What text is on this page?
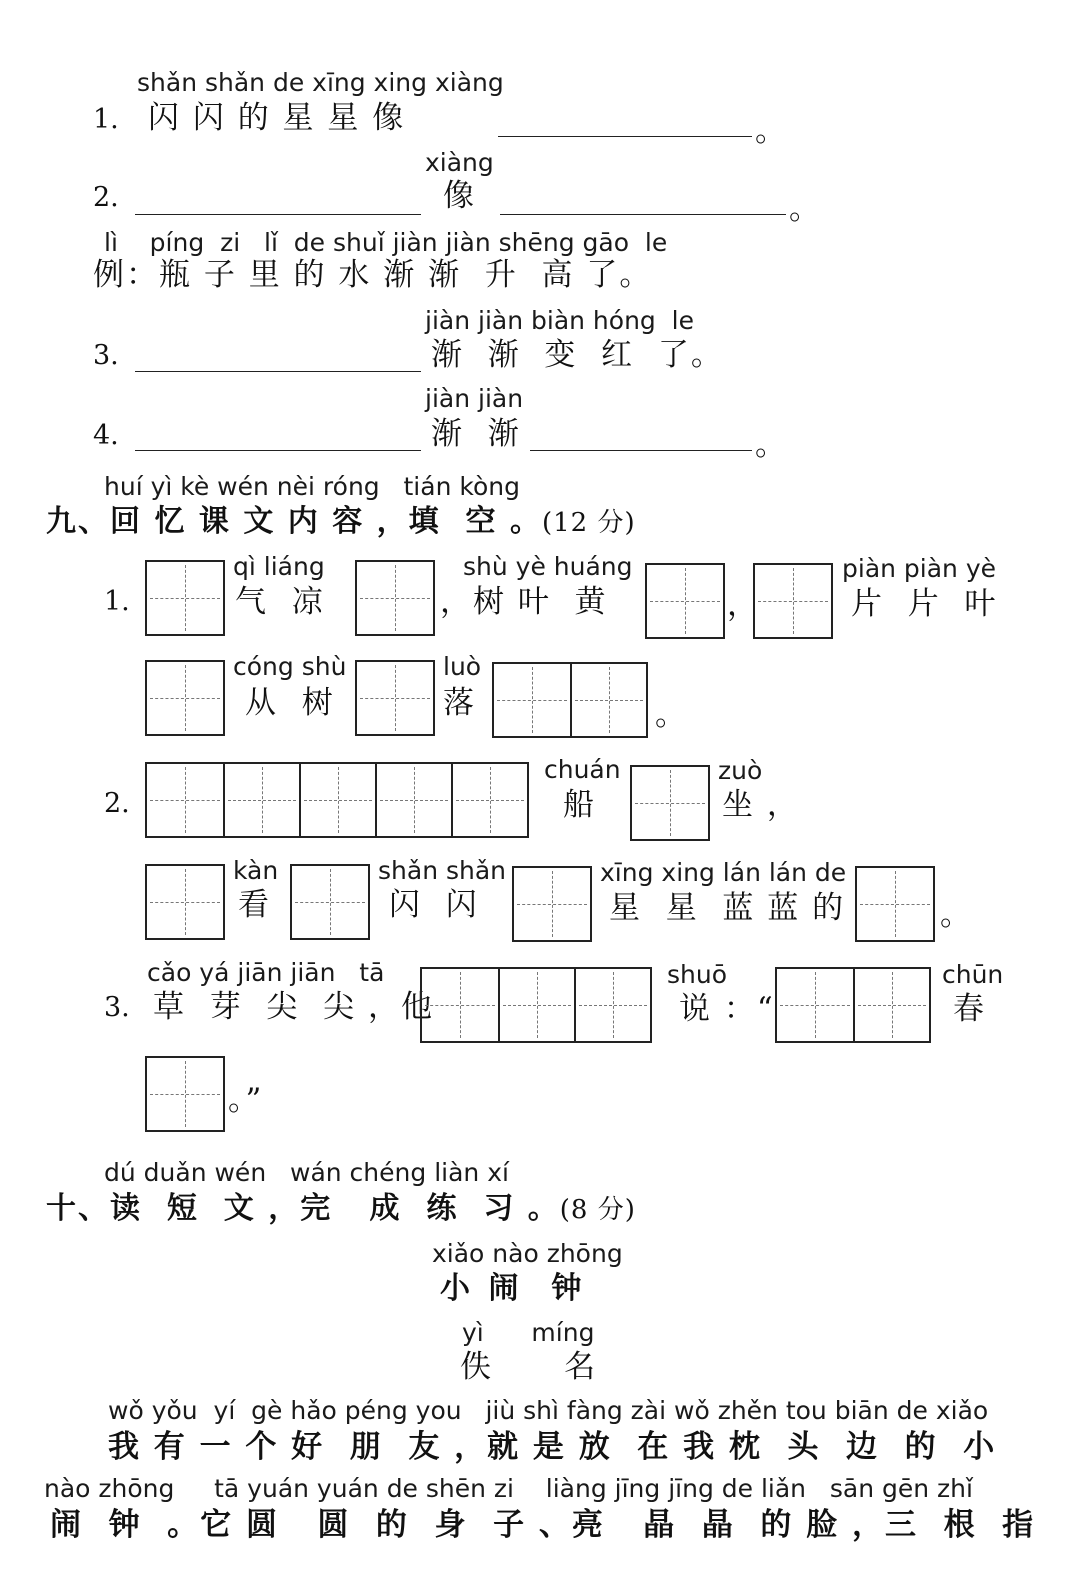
shǎn shǎn de xīng xing xiàng
1. 闪 闪 的 星 星 像	。
xiàng
2.	像	。
lì    píng  zi   lǐ  de shuǐ jiàn jiàn shēng gāo  le
例：瓶 子 里 的 水 渐 渐  升  高 了。
jiàn jiàn biàn hóng  le
3.	渐  渐  变  红  了。
jiàn jiàn
4.	渐  渐	。
huí yì kè wén nèi róng   tián kòng
九、回 忆 课 文 内 容 ，填  空 。(12 分)
1.
qì liáng
气  凉
shù yè huáng
，树 叶  黄	，
piàn piàn yè
片  片  叶
cóng shù
从  树
luò
落	。
2.
chuán
船
zuò
坐 ，
kàn
看
shǎn shǎn
闪  闪
xīng xing lán lán de
星  星  蓝 蓝 的	。
cǎo yá jiān jiān   tā
3. 草  芽  尖  尖 ，他
shuō
说 ：“
chūn
春
。”
dú duǎn wén   wán chéng liàn xí
十、读  短  文 ，完   成  练  习 。(8 分)
xiǎo nào zhōng
小 闹  钟
yì      míng
佚      名
wǒ yǒu  yí  gè hǎo péng you   jiù shì fàng zài wǒ zhěn tou biān de xiǎo
我 有 一 个 好  朋  友 ，就 是 放  在 我 枕  头  边  的  小
nào zhōng     tā yuán yuán de shēn zi    liàng jīng jīng de liǎn   sān gēn zhǐ
闹  钟  。它 圆   圆  的  身  子 、亮   晶  晶  的 脸 ，三  根  指
